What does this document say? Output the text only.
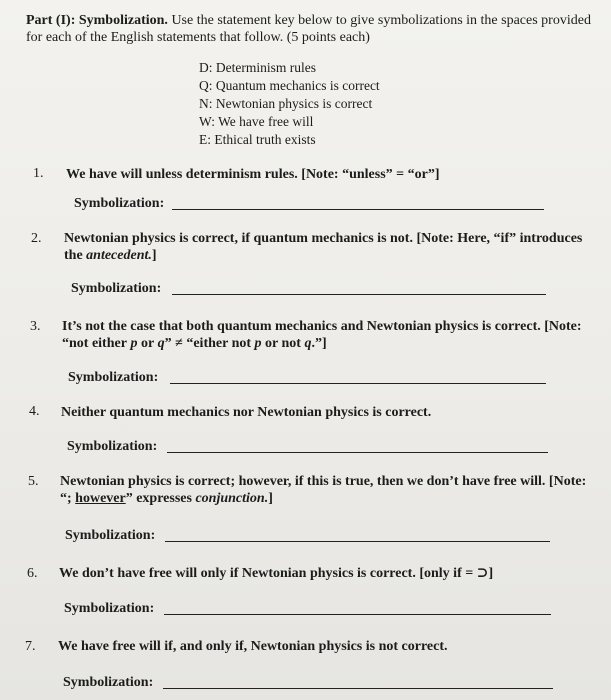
Part (I): Symbolization. Use the statement key below to give symbolizations in the spaces provided for each of the English statements that follow. (5 points each)
D: Determinism rules
Q: Quantum mechanics is correct
N: Newtonian physics is correct
W: We have free will
E: Ethical truth exists
1. We have will unless determinism rules. [Note: “unless” = “or”]
Symbolization:
2. Newtonian physics is correct, if quantum mechanics is not. [Note: Here, “if” introduces the antecedent.]
Symbolization:
3. It’s not the case that both quantum mechanics and Newtonian physics is correct. [Note: “not either p or q” ≠ “either not p or not q.”]
Symbolization:
4. Neither quantum mechanics nor Newtonian physics is correct.
Symbolization:
5. Newtonian physics is correct; however, if this is true, then we don’t have free will. [Note: “; however” expresses conjunction.]
Symbolization:
6. We don’t have free will only if Newtonian physics is correct. [only if = ⊃]
Symbolization:
7. We have free will if, and only if, Newtonian physics is not correct.
Symbolization:
